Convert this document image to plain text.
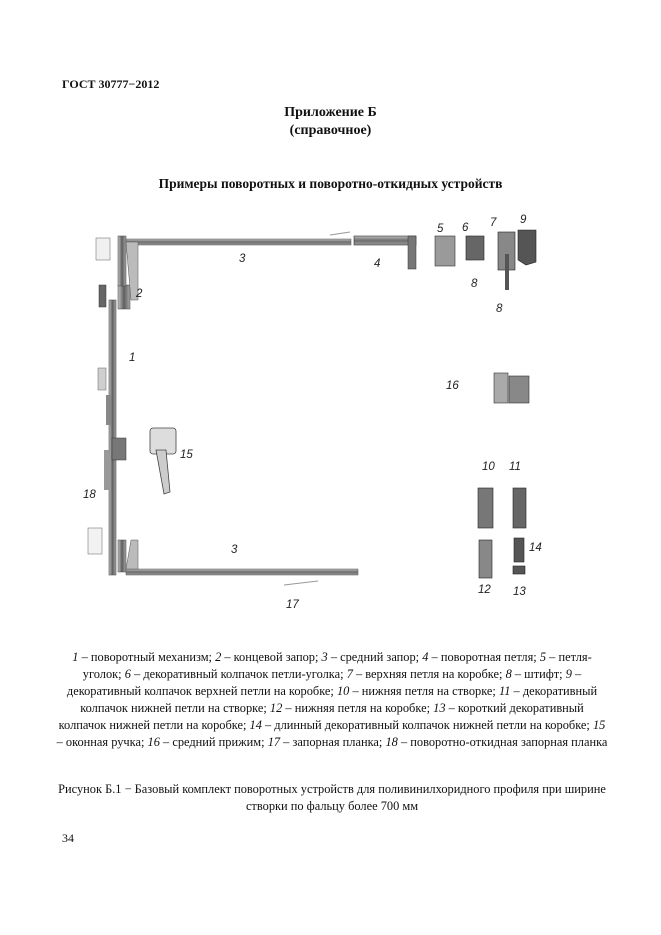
ГОСТ 30777−2012
Приложение Б
(справочное)
Примеры поворотных и поворотно-откидных устройств
1
2
3	4
5 6 7
8
8
9
10 11
12 13
14
15
16
17
18
3
1 – поворотный механизм; 2 – концевой запор; 3 – средний запор; 4 – поворотная петля; 5 – петля-уголок; 6 – декоративный колпачок петли-уголка; 7 – верхняя петля на коробке; 8 – штифт; 9 – декоративный колпачок верхней петли на коробке; 10 – нижняя петля на створке; 11 – декоративный колпачок нижней петли на створке; 12 – нижняя петля на коробке; 13 – короткий декоративный колпачок нижней петли на коробке; 14 – длинный декоративный колпачок нижней петли на коробке; 15 – оконная ручка; 16 – средний прижим; 17 – запорная планка; 18 – поворотно-откидная запорная планка
Рисунок Б.1 − Базовый комплект поворотных устройств для поливинилхоридного профиля при ширине створки по фальцу более 700 мм
34
